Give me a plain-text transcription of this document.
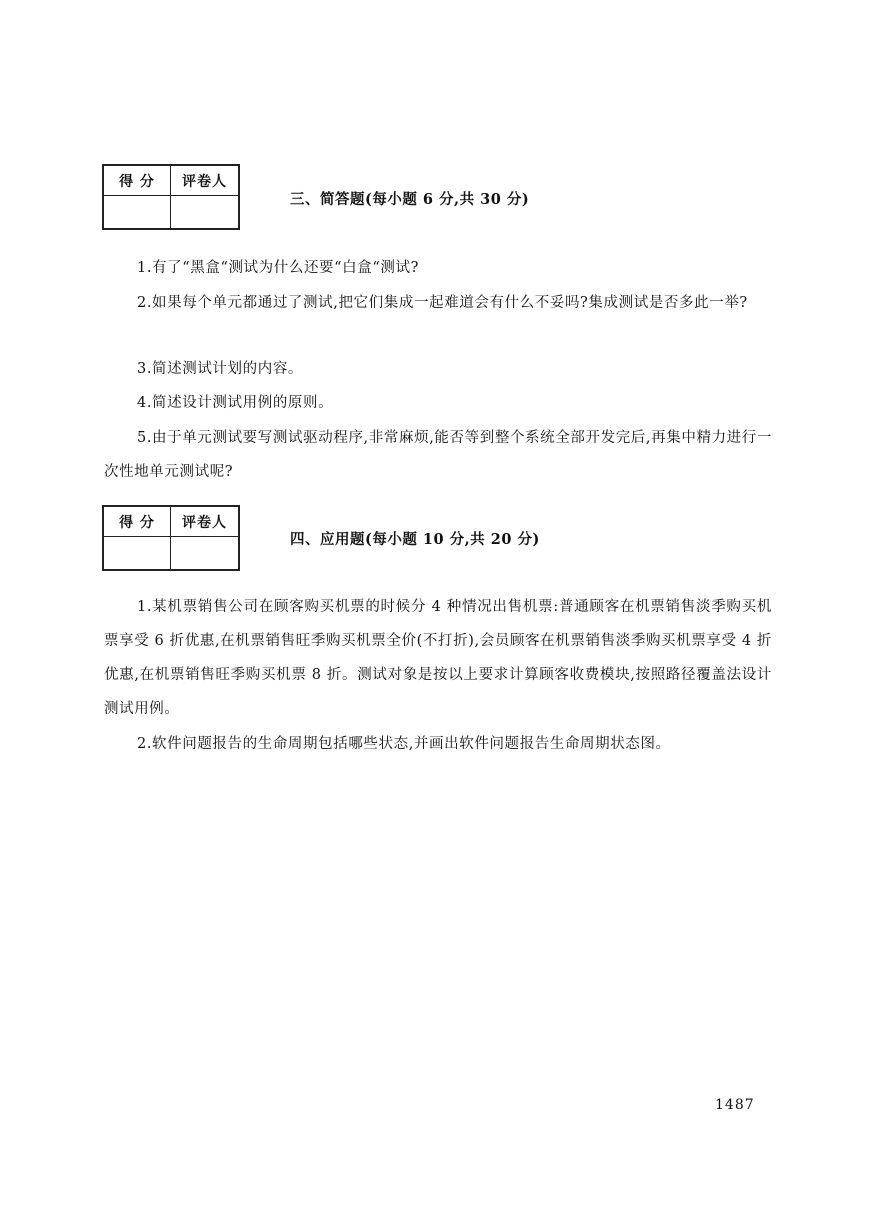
得 分	评卷人
三、简答题(每小题 6 分,共 30 分)

1.有了“黑盒“测试为什么还要“白盒“测试?

2.如果每个单元都通过了测试,把它们集成一起难道会有什么不妥吗?集成测试是否多此一举?

3.简述测试计划的内容。

4.简述设计测试用例的原则。

5.由于单元测试要写测试驱动程序,非常麻烦,能否等到整个系统全部开发完后,再集中精力进行一次性地单元测试呢?

得 分	评卷人
四、应用题(每小题 10 分,共 20 分)

1.某机票销售公司在顾客购买机票的时候分 4 种情况出售机票:普通顾客在机票销售淡季购买机票享受 6 折优惠,在机票销售旺季购买机票全价(不打折),会员顾客在机票销售淡季购买机票享受 4 折优惠,在机票销售旺季购买机票 8 折。测试对象是按以上要求计算顾客收费模块,按照路径覆盖法设计测试用例。

2.软件问题报告的生命周期包括哪些状态,并画出软件问题报告生命周期状态图。

1487
